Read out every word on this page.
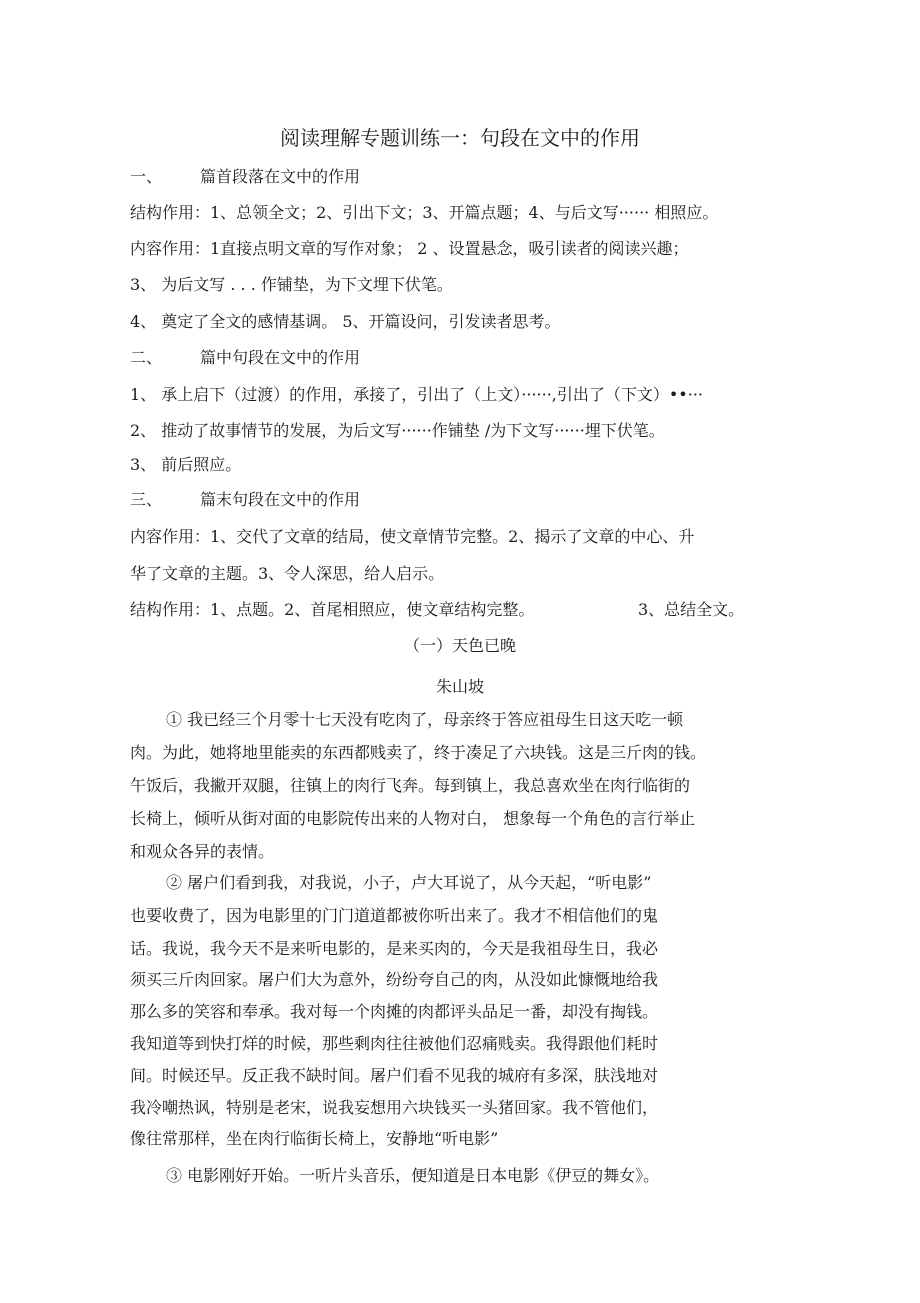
阅读理解专题训练一：句段在文中的作用
一、 篇首段落在文中的作用
结构作用：1、总领全文；2、引出下文；3、开篇点题；4、与后文写······ 相照应。
内容作用：1直接点明文章的写作对象； 2 、设置悬念，吸引读者的阅读兴趣；
3、 为后文写 . . . 作铺垫，为下文埋下伏笔。
4、 奠定了全文的感情基调。 5、开篇设问，引发读者思考。
二、 篇中句段在文中的作用
1、 承上启下（过渡）的作用，承接了，引出了（上文）······,引出了（下文）••···
2、 推动了故事情节的发展，为后文写······作铺垫 /为下文写······埋下伏笔。
3、 前后照应。
三、 篇末句段在文中的作用
内容作用：1、交代了文章的结局，使文章情节完整。2、揭示了文章的中心、升
华了文章的主题。3、令人深思，给人启示。
结构作用：1、点题。2、首尾相照应，使文章结构完整。	3、总结全文。
（一）天色已晚
朱山坡
① 我已经三个月零十七天没有吃肉了，母亲终于答应祖母生日这天吃一顿
肉。为此，她将地里能卖的东西都贱卖了，终于凑足了六块钱。这是三斤肉的钱。
午饭后，我撇开双腿，往镇上的肉行飞奔。每到镇上，我总喜欢坐在肉行临街的
长椅上，倾听从街对面的电影院传出来的人物对白， 想象每一个角色的言行举止
和观众各异的表情。
② 屠户们看到我，对我说，小子，卢大耳说了，从今天起，“听电影”
也要收费了，因为电影里的门门道道都被你听出来了。我才不相信他们的鬼
话。我说，我今天不是来听电影的，是来买肉的，今天是我祖母生日，我必
须买三斤肉回家。屠户们大为意外，纷纷夸自己的肉，从没如此慷慨地给我
那么多的笑容和奉承。我对每一个肉摊的肉都评头品足一番，却没有掏钱。
我知道等到快打烊的时候，那些剩肉往往被他们忍痛贱卖。我得跟他们耗时
间。时候还早。反正我不缺时间。屠户们看不见我的城府有多深，肤浅地对
我冷嘲热讽，特别是老宋，说我妄想用六块钱买一头猪回家。我不管他们，
像往常那样，坐在肉行临街长椅上，安静地“听电影”
③ 电影刚好开始。一听片头音乐，便知道是日本电影《伊豆的舞女》。
